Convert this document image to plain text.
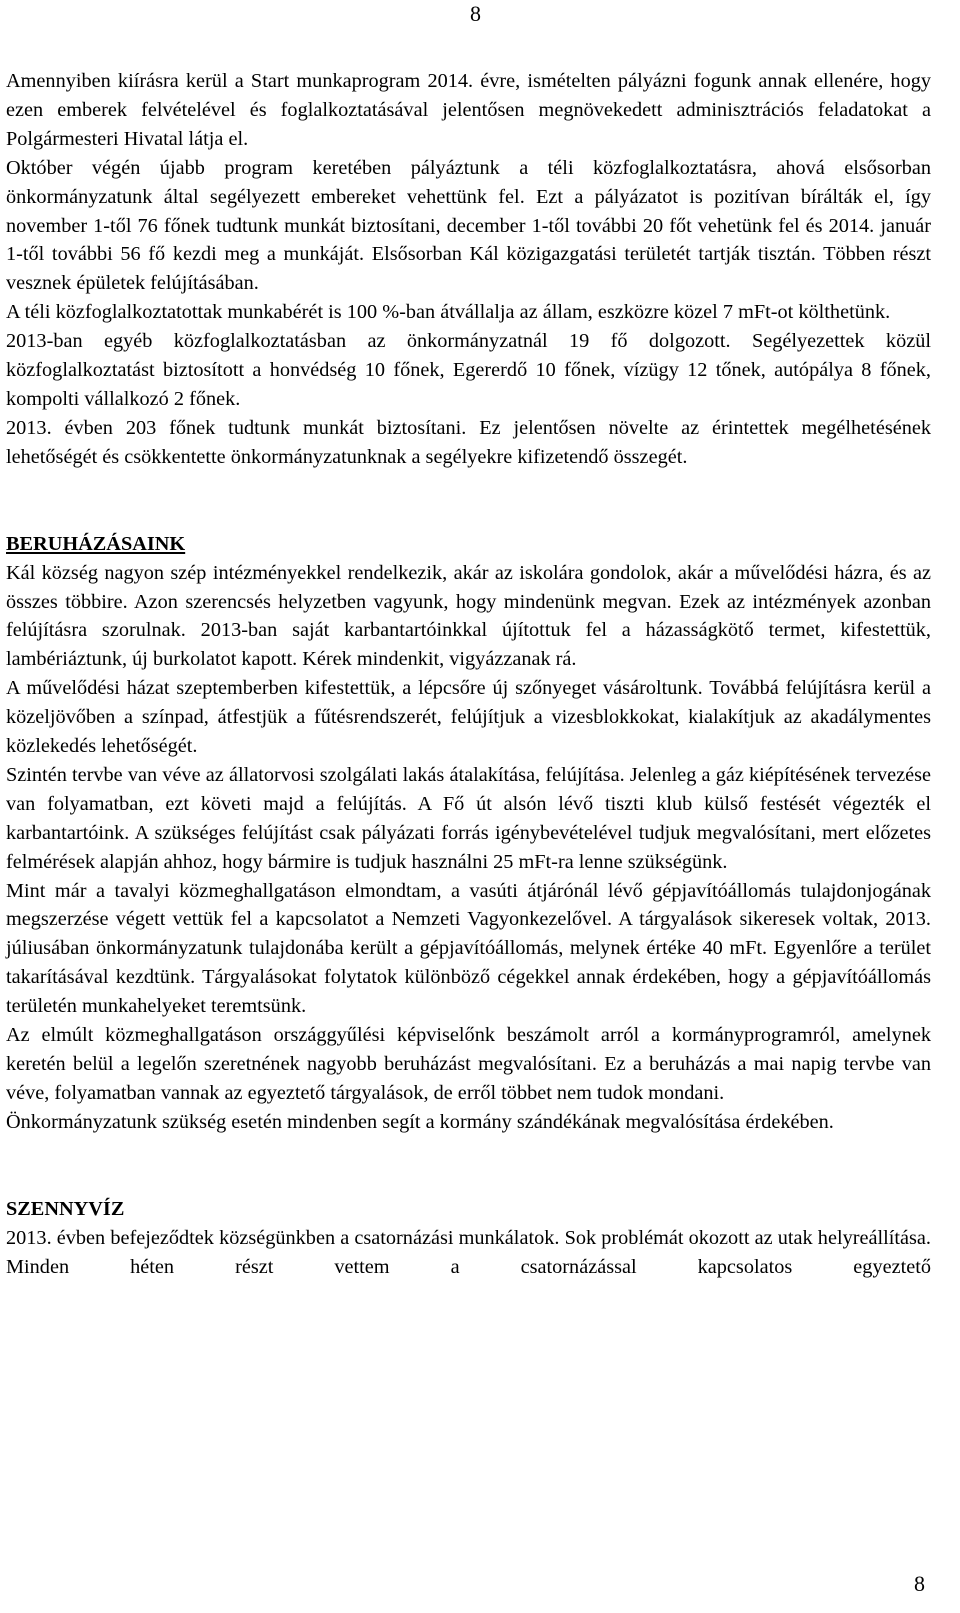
8

Amennyiben kiírásra kerül a Start munkaprogram 2014. évre, ismételten pályázni fogunk annak ellenére, hogy ezen emberek felvételével és foglalkoztatásával jelentősen megnövekedett adminisztrációs feladatokat a Polgármesteri Hivatal látja el.

Október végén újabb program keretében pályáztunk a téli közfoglalkoztatásra, ahová elsősorban önkormányzatunk által segélyezett embereket vehettünk fel. Ezt a pályázatot is pozitívan bírálták el, így november 1-től 76 főnek tudtunk munkát biztosítani, december 1-től további 20 főt vehetünk fel és 2014. január 1-től további 56 fő kezdi meg a munkáját. Elsősorban Kál közigazgatási területét tartják tisztán. Többen részt vesznek épületek felújításában.

A téli közfoglalkoztatottak munkabérét is 100 %-ban átvállalja az állam, eszközre közel 7 mFt-ot költhetünk.

2013-ban egyéb közfoglalkoztatásban az önkormányzatnál 19 fő dolgozott. Segélyezettek közül közfoglalkoztatást biztosított a honvédség 10 főnek, Egererdő 10 főnek, vízügy 12 tőnek, autópálya 8 főnek, kompolti vállalkozó 2 főnek.

2013. évben 203 főnek tudtunk munkát biztosítani. Ez jelentősen növelte az érintettek megélhetésének lehetőségét és csökkentette önkormányzatunknak a segélyekre kifizetendő összegét.

BERUHÁZÁSAINK

Kál község nagyon szép intézményekkel rendelkezik, akár az iskolára gondolok, akár a művelődési házra, és az összes többire. Azon szerencsés helyzetben vagyunk, hogy mindenünk megvan. Ezek az intézmények azonban felújításra szorulnak. 2013-ban saját karbantartóinkkal újítottuk fel a házasságkötő termet, kifestettük, lambériáztunk, új burkolatot kapott. Kérek mindenkit, vigyázzanak rá.

A művelődési házat szeptemberben kifestettük, a lépcsőre új szőnyeget vásároltunk. Továbbá felújításra kerül a közeljövőben a színpad, átfestjük a fűtésrendszerét, felújítjuk a vizesblokkokat, kialakítjuk az akadálymentes közlekedés lehetőségét.

Szintén tervbe van véve az állatorvosi szolgálati lakás átalakítása, felújítása. Jelenleg a gáz kiépítésének tervezése van folyamatban, ezt követi majd a felújítás. A Fő út alsón lévő tiszti klub külső festését végezték el karbantartóink. A szükséges felújítást csak pályázati forrás igénybevételével tudjuk megvalósítani, mert előzetes felmérések alapján ahhoz, hogy bármire is tudjuk használni 25 mFt-ra lenne szükségünk.

Mint már a tavalyi közmeghallgatáson elmondtam, a vasúti átjárónál lévő gépjavítóállomás tulajdonjogának megszerzése végett vettük fel a kapcsolatot a Nemzeti Vagyonkezelővel. A tárgyalások sikeresek voltak, 2013. júliusában önkormányzatunk tulajdonába került a gépjavítóállomás, melynek értéke 40 mFt. Egyenlőre a terület takarításával kezdtünk. Tárgyalásokat folytatok különböző cégekkel annak érdekében, hogy a gépjavítóállomás területén munkahelyeket teremtsünk.

Az elmúlt közmeghallgatáson országgyűlési képviselőnk beszámolt arról a kormányprogramról, amelynek keretén belül a legelőn szeretnének nagyobb beruházást megvalósítani. Ez a beruházás a mai napig tervbe van véve, folyamatban vannak az egyeztető tárgyalások, de erről többet nem tudok mondani.

Önkormányzatunk szükség esetén mindenben segít a kormány szándékának megvalósítása érdekében.

SZENNYVÍZ

2013. évben befejeződtek községünkben a csatornázási munkálatok. Sok problémát okozott az utak helyreállítása. Minden héten részt vettem a csatornázással kapcsolatos egyeztető

8
